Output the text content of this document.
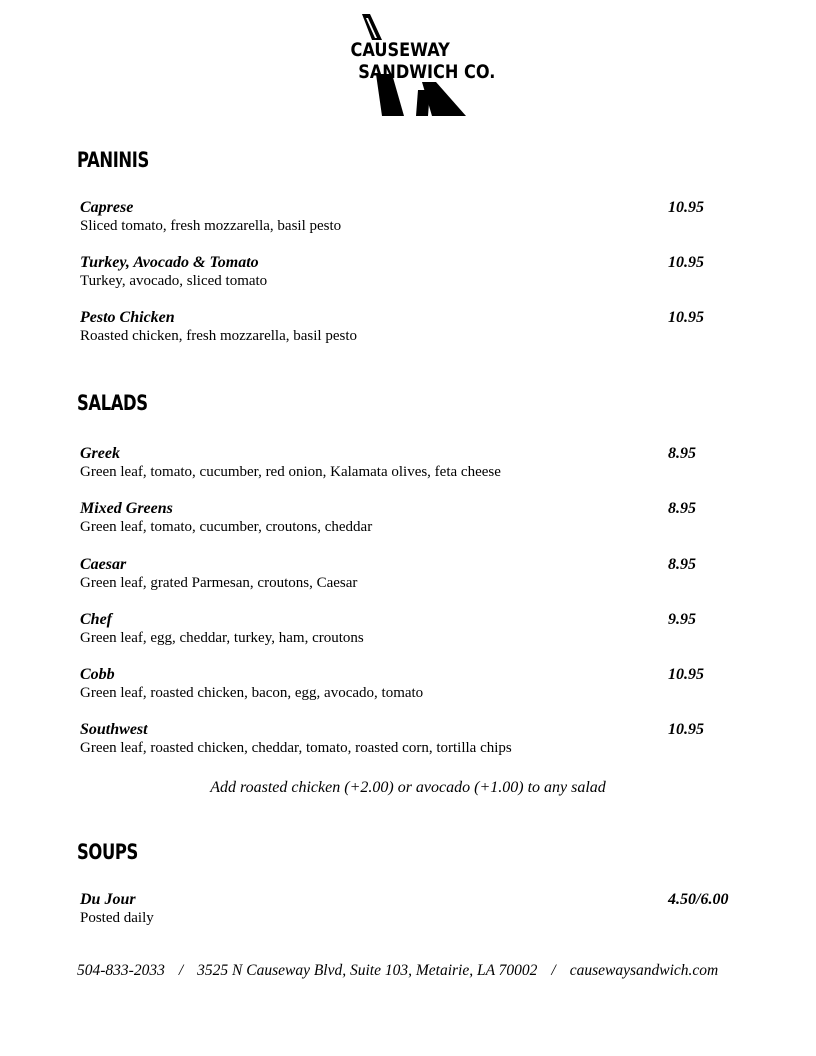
CAUSEWAY
SANDWICH CO.
PANINIS
Caprese
Sliced tomato, fresh mozzarella, basil pesto
10.95
Turkey, Avocado & Tomato
Turkey, avocado, sliced tomato
10.95
Pesto Chicken
Roasted chicken, fresh mozzarella, basil pesto
10.95
SALADS
Greek
Green leaf, tomato, cucumber, red onion, Kalamata olives, feta cheese
8.95
Mixed Greens
Green leaf, tomato, cucumber, croutons, cheddar
8.95
Caesar
Green leaf, grated Parmesan, croutons, Caesar
8.95
Chef
Green leaf, egg, cheddar, turkey, ham, croutons
9.95
Cobb
Green leaf, roasted chicken, bacon, egg, avocado, tomato
10.95
Southwest
Green leaf, roasted chicken, cheddar, tomato, roasted corn, tortilla chips
10.95
Add roasted chicken (+2.00) or avocado (+1.00) to any salad
SOUPS
Du Jour
Posted daily
4.50/6.00
504-833-2033 / 3525 N Causeway Blvd, Suite 103, Metairie, LA 70002 / causewaysandwich.com
